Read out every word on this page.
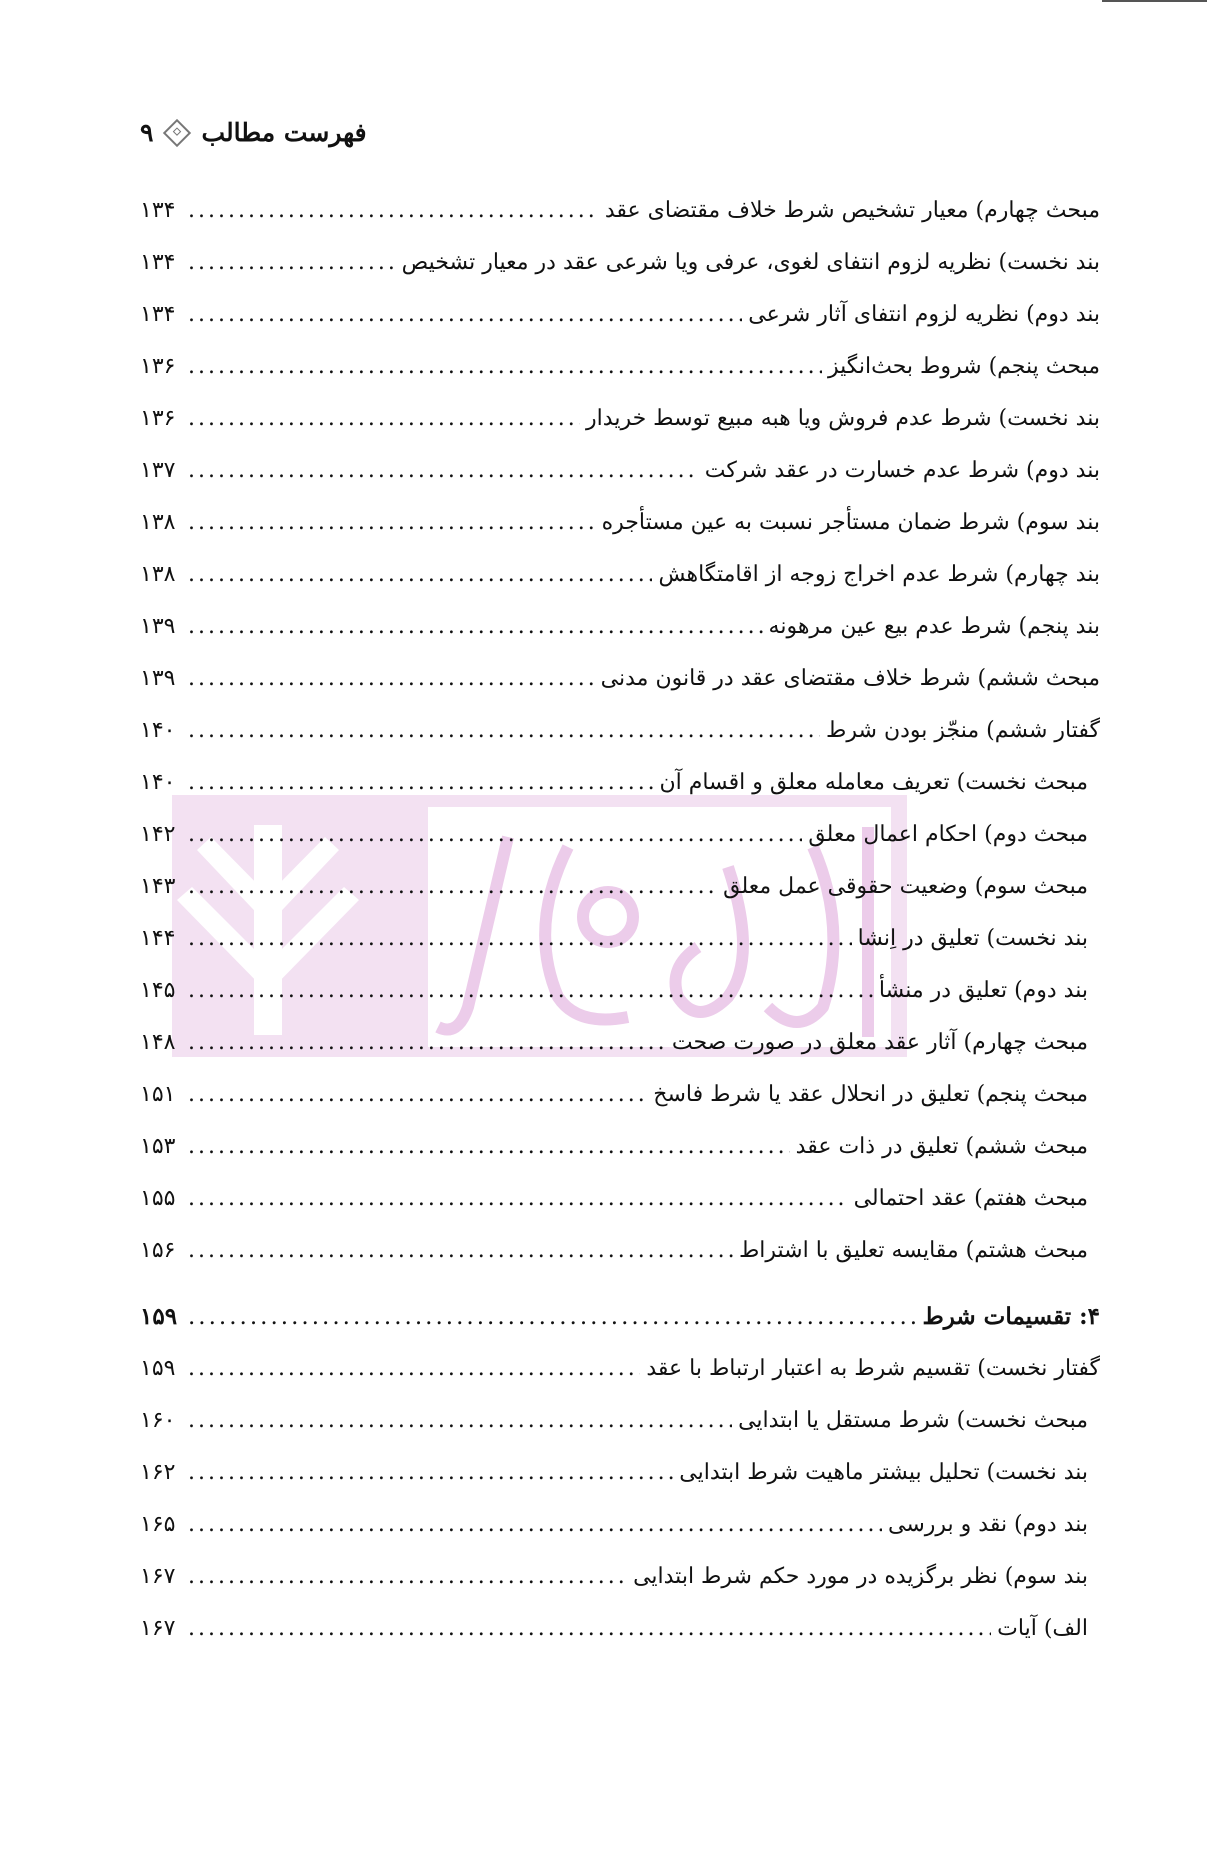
فهرست مطالب
۹
مبحث چهارم) معیار تشخیص شرط خلاف مقتضای عقد
.....
۱۳۴
بند نخست) نظریه لزوم انتفای لغوی، عرفی ویا شرعی عقد در معیار تشخیص
.....
۱۳۴
بند دوم) نظریه لزوم انتفای آثار شرعی
.....
۱۳۴
مبحث پنجم) شروط بحث‌انگیز
.....
۱۳۶
بند نخست) شرط عدم فروش ویا هبه مبیع توسط خریدار
.....
۱۳۶
بند دوم) شرط عدم خسارت در عقد شرکت
.....
۱۳۷
بند سوم) شرط ضمان مستأجر نسبت به عین مستأجره
.....
۱۳۸
بند چهارم) شرط عدم اخراج زوجه از اقامتگاهش
.....
۱۳۸
بند پنجم) شرط عدم بیع عین مرهونه
.....
۱۳۹
مبحث ششم) شرط خلاف مقتضای عقد در قانون مدنی
.....
۱۳۹
گفتار ششم) منجّز بودن شرط
.....
۱۴۰
مبحث نخست) تعریف معامله معلق و اقسام آن
.....
۱۴۰
مبحث دوم) احکام اعمال معلق
.....
۱۴۲
مبحث سوم) وضعیت حقوقی عمل معلق
.....
۱۴۳
بند نخست) تعلیق در اِنشا
.....
۱۴۴
بند دوم) تعلیق در منشأ
.....
۱۴۵
مبحث چهارم) آثار عقد معلق در صورت صحت
.....
۱۴۸
مبحث پنجم) تعلیق در انحلال عقد یا شرط فاسخ
.....
۱۵۱
مبحث ششم) تعلیق در ذات عقد
.....
۱۵۳
مبحث هفتم) عقد احتمالی
.....
۱۵۵
مبحث هشتم) مقایسه تعلیق با اشتراط
.....
۱۵۶
۴: تقسیمات شرط
.....
۱۵۹
گفتار نخست) تقسیم شرط به اعتبار ارتباط با عقد
.....
۱۵۹
مبحث نخست) شرط مستقل یا ابتدایی
.....
۱۶۰
بند نخست) تحلیل بیشتر ماهیت شرط ابتدایی
.....
۱۶۲
بند دوم) نقد و بررسی
.....
۱۶۵
بند سوم) نظر برگزیده در مورد حکم شرط ابتدایی
.....
۱۶۷
الف) آیات
.....
۱۶۷
